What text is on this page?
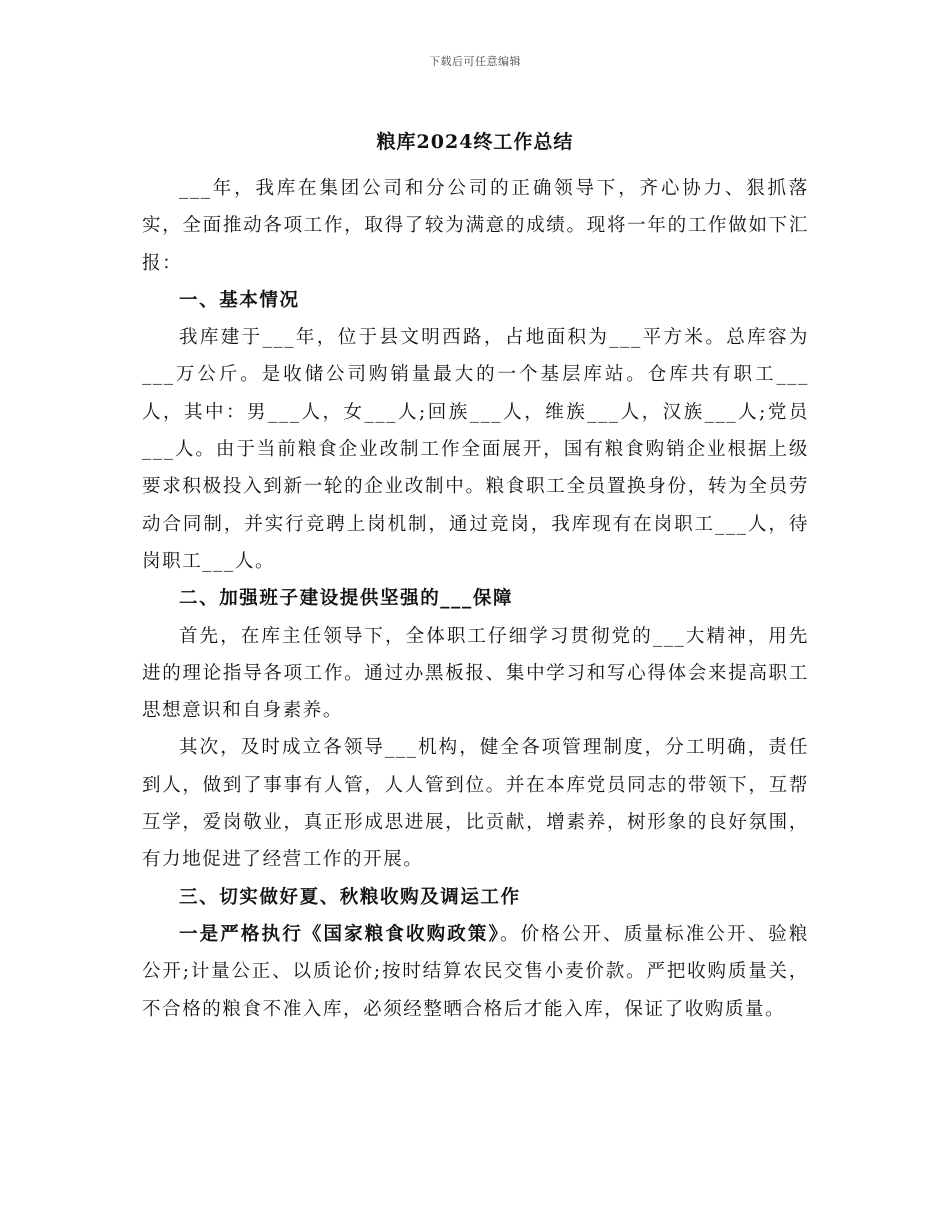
下载后可任意编辑
粮库2024终工作总结

___年，我库在集团公司和分公司的正确领导下，齐心协力、狠抓落实，全面推动各项工作，取得了较为满意的成绩。现将一年的工作做如下汇报：

一、基本情况

我库建于___年，位于县文明西路，占地面积为___平方米。总库容为___万公斤。是收储公司购销量最大的一个基层库站。仓库共有职工___人，其中：男___人，女___人;回族___人，维族___人，汉族___人;党员___人。由于当前粮食企业改制工作全面展开，国有粮食购销企业根据上级要求积极投入到新一轮的企业改制中。粮食职工全员置换身份，转为全员劳动合同制，并实行竞聘上岗机制，通过竞岗，我库现有在岗职工___人，待岗职工___人。

二、加强班子建设提供坚强的___保障

首先，在库主任领导下，全体职工仔细学习贯彻党的___大精神，用先进的理论指导各项工作。通过办黑板报、集中学习和写心得体会来提高职工思想意识和自身素养。

其次，及时成立各领导___机构，健全各项管理制度，分工明确，责任到人，做到了事事有人管，人人管到位。并在本库党员同志的带领下，互帮互学，爱岗敬业，真正形成思进展，比贡献，增素养，树形象的良好氛围，有力地促进了经营工作的开展。

三、切实做好夏、秋粮收购及调运工作

一是严格执行《国家粮食收购政策》。价格公开、质量标准公开、验粮公开;计量公正、以质论价;按时结算农民交售小麦价款。严把收购质量关，不合格的粮食不准入库，必须经整晒合格后才能入库，保证了收购质量。
